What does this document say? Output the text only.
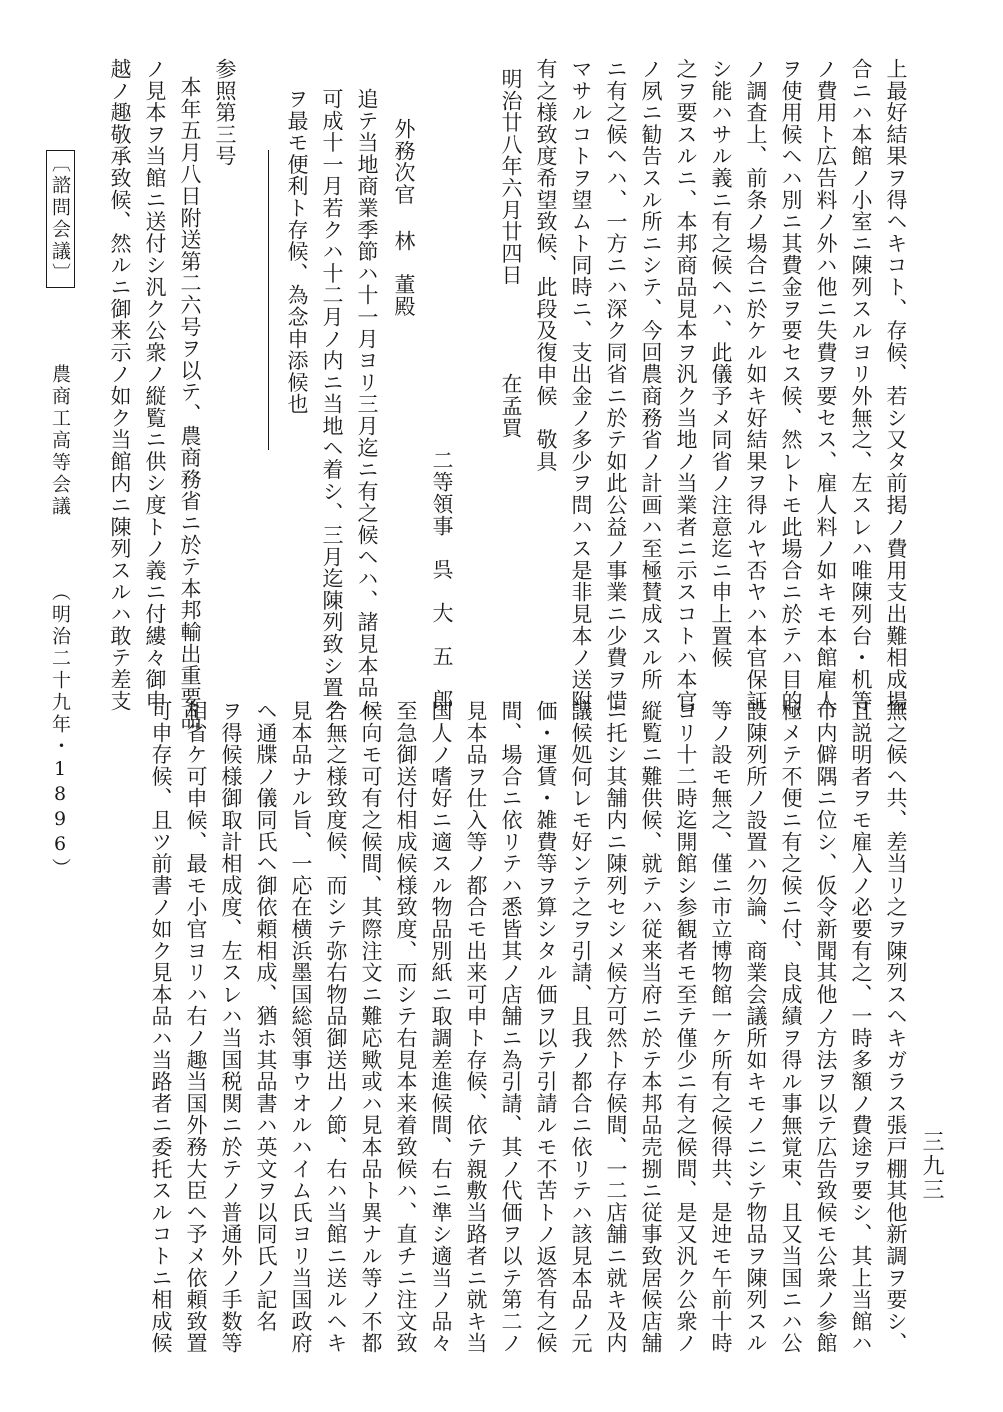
上最好結果ヲ得ヘキコト、存候、若シ又タ前掲ノ費用支出難相成場
合ニハ本館ノ小室ニ陳列スルヨリ外無之、左スレハ唯陳列台・机等
ノ費用ト広告料ノ外ハ他ニ失費ヲ要セス、雇人料ノ如キモ本館雇人
ヲ使用候ヘハ別ニ其費金ヲ要セス候、然レトモ此場合ニ於テハ目的
ノ調査上、前条ノ場合ニ於ケル如キ好結果ヲ得ルヤ否ヤハ本官保証
シ能ハサル義ニ有之候ヘハ、此儀予メ同省ノ注意迄ニ申上置候
之ヲ要スルニ、本邦商品見本ヲ汎ク当地ノ当業者ニ示スコトハ本官
ノ夙ニ勧告スル所ニシテ、今回農商務省ノ計画ハ至極賛成スル所
ニ有之候ヘハ、一方ニハ深ク同省ニ於テ如此公益ノ事業ニ少費ヲ惜
マサルコトヲ望ムト同時ニ、支出金ノ多少ヲ問ハス是非見本ノ送附
有之様致度希望致候、此段及復申候　敬具
明治廿八年六月廿四日　　　　在孟買
　　　　　　　　　　　　　二等領事　呉　大　五　郎
外務次官 林　董殿
追テ当地商業季節ハ十一月ヨリ三月迄ニ有之候ヘハ、諸見本品ハ
可成十一月若クハ十二月ノ内ニ当地ヘ着シ、三月迄陳列致シ置ク
ヲ最モ便利ト存候、為念申添候也
参照第三号
本年五月八日附送第二六号ヲ以テ、農商務省ニ於テ本邦輸出重要品
ノ見本ヲ当館ニ送付シ汎ク公衆ノ縦覧ニ供シ度トノ義ニ付縷々御申
越ノ趣敬承致候、然ルニ御来示ノ如ク当館内ニ陳列スルハ敢テ差支
〔諮問会議〕  農商工高等会議  （明治二十九年・1896）	無之候ヘ共、差当リ之ヲ陳列スヘキガラス張戸棚其他新調ヲ要シ、
且説明者ヲモ雇入ノ必要有之、一時多額ノ費途ヲ要シ、其上当館ハ
市内僻隅ニ位シ、仮令新聞其他ノ方法ヲ以テ広告致候モ公衆ノ参館
極メテ不便ニ有之候ニ付、良成績ヲ得ル事無覚束、且又当国ニハ公
設陳列所ノ設置ハ勿論、商業会議所如キモノニシテ物品ヲ陳列スル
等ノ設モ無之、僅ニ市立博物館一ケ所有之候得共、是迚モ午前十時
ヨリ十二時迄開館シ参観者モ至テ僅少ニ有之候間、是又汎ク公衆ノ
縦覧ニ難供候、就テハ従来当府ニ於テ本邦品売捌ニ従事致居候店舗
ニ托シ其舗内ニ陳列セシメ候方可然ト存候間、一二店舗ニ就キ及内
議候処何レモ好ンテ之ヲ引請、且我ノ都合ニ依リテハ該見本品ノ元
価・運賃・雑費等ヲ算シタル価ヲ以テ引請ルモ不苦トノ返答有之候
間、場合ニ依リテハ悉皆其ノ店舗ニ為引請、其ノ代価ヲ以テ第二ノ
見本品ヲ仕入等ノ都合モ出来可申ト存候、依テ親敷当路者ニ就キ当
国人ノ嗜好ニ適スル物品別紙ニ取調差進候間、右ニ準シ適当ノ品々
至急御送付相成候様致度、而シテ右見本来着致候ハ、直チニ注文致
候向モ可有之候間、其際注文ニ難応歟或ハ見本品ト異ナル等ノ不都
合無之様致度候、而シテ弥右物品御送出ノ節、右ハ当館ニ送ルヘキ
見本品ナル旨、一応在横浜墨国総領事ウオルハイム氏ヨリ当国政府
ヘ通牒ノ儀同氏ヘ御依頼相成、猶ホ其品書ハ英文ヲ以同氏ノ記名
ヲ得候様御取計相成度、左スレハ当国税関ニ於テノ普通外ノ手数等
相省ケ可申候、最モ小官ヨリハ右ノ趣当国外務大臣ヘ予メ依頼致置
可申存候、且ツ前書ノ如ク見本品ハ当路者ニ委托スルコトニ相成候	三九三
